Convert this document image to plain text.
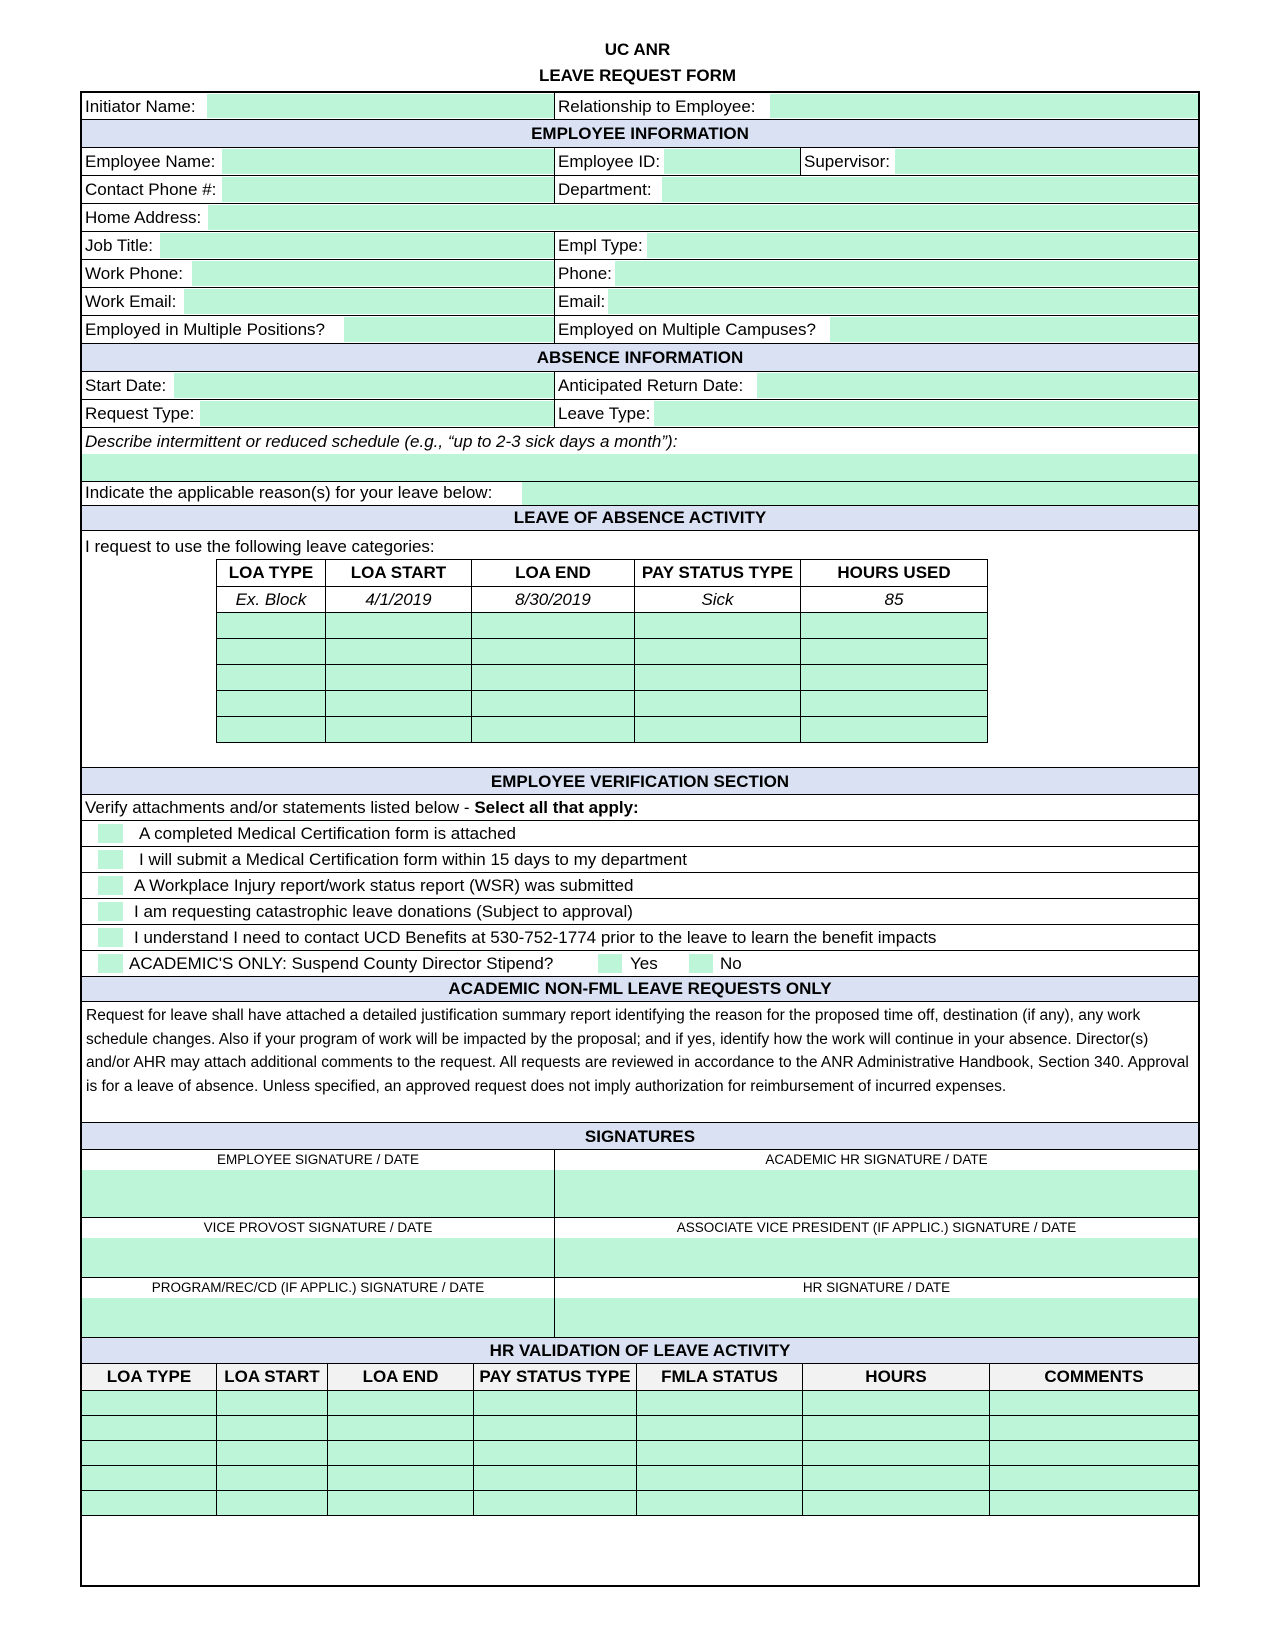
UC ANR
LEAVE REQUEST FORM
Initiator Name:	Relationship to Employee:
EMPLOYEE INFORMATION
Employee Name:	Employee ID:	Supervisor:
Contact Phone #:	Department:
Home Address:
Job Title:	Empl Type:
Work Phone:	Phone:
Work Email:	Email:
Employed in Multiple Positions?	Employed on Multiple Campuses?
ABSENCE INFORMATION
Start Date:	Anticipated Return Date:
Request Type:	Leave Type:
Describe intermittent or reduced schedule (e.g., “up to 2-3 sick days a month”):
Indicate the applicable reason(s) for your leave below:
LEAVE OF ABSENCE ACTIVITY
I request to use the following leave categories:
LOA TYPE	LOA START	LOA END	PAY STATUS TYPE	HOURS USED
Ex. Block	4/1/2019	8/30/2019	Sick	85

EMPLOYEE VERIFICATION SECTION
Verify attachments and/or statements listed below - Select all that apply:
A completed Medical Certification form is attached
I will submit a Medical Certification form within 15 days to my department
A Workplace Injury report/work status report (WSR) was submitted
I am requesting catastrophic leave donations (Subject to approval)
I understand I need to contact UCD Benefits at 530-752-1774 prior to the leave to learn the benefit impacts
ACADEMIC'S ONLY: Suspend County Director Stipend?	Yes	No
ACADEMIC NON-FML LEAVE REQUESTS ONLY
Request for leave shall have attached a detailed justification summary report identifying the reason for the proposed time off, destination (if any), any work schedule changes. Also if your program of work will be impacted by the proposal; and if yes, identify how the work will continue in your absence. Director(s) and/or AHR may attach additional comments to the request. All requests are reviewed in accordance to the ANR Administrative Handbook, Section 340. Approval is for a leave of absence. Unless specified, an approved request does not imply authorization for reimbursement of incurred expenses.
SIGNATURES
EMPLOYEE SIGNATURE / DATE	ACADEMIC HR SIGNATURE / DATE
VICE PROVOST SIGNATURE / DATE	ASSOCIATE VICE PRESIDENT (IF APPLIC.) SIGNATURE / DATE
PROGRAM/REC/CD (IF APPLIC.) SIGNATURE / DATE	HR SIGNATURE / DATE
HR VALIDATION OF LEAVE ACTIVITY
LOA TYPE	LOA START	LOA END	PAY STATUS TYPE	FMLA STATUS	HOURS	COMMENTS
